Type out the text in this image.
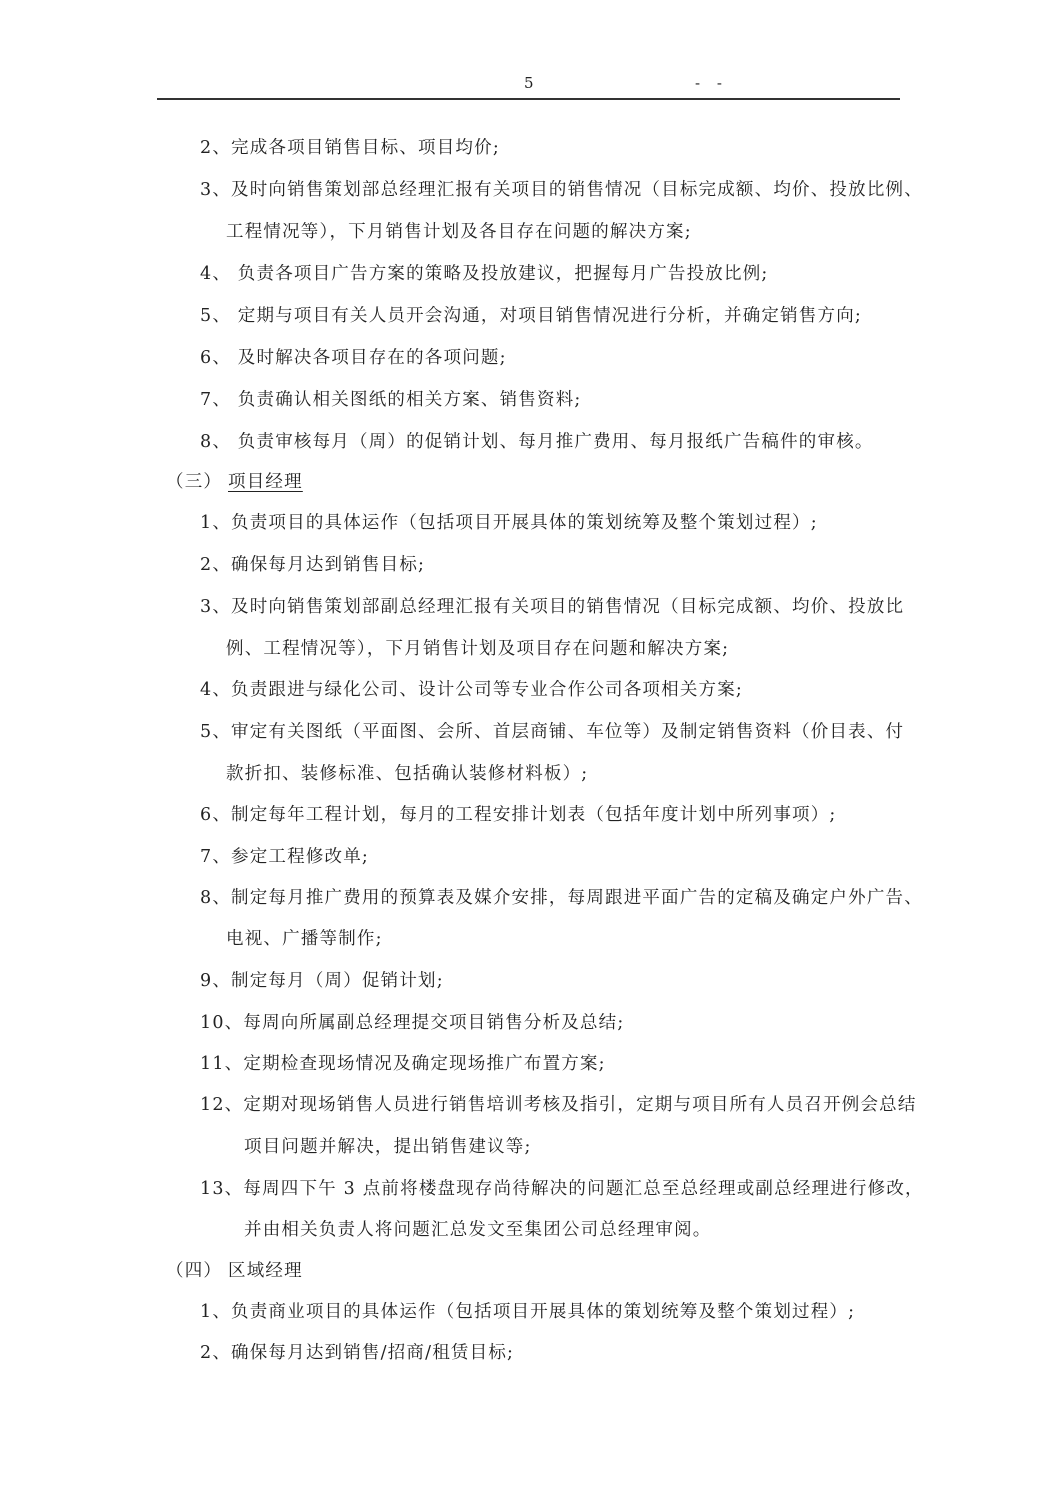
5	- -
2、完成各项目销售目标、项目均价;
3、及时向销售策划部总经理汇报有关项目的销售情况（目标完成额、均价、投放比例、
工程情况等），下月销售计划及各目存在问题的解决方案;
4、 负责各项目广告方案的策略及投放建议，把握每月广告投放比例;
5、 定期与项目有关人员开会沟通，对项目销售情况进行分析，并确定销售方向;
6、 及时解决各项目存在的各项问题;
7、 负责确认相关图纸的相关方案、销售资料;
8、 负责审核每月（周）的促销计划、每月推广费用、每月报纸广告稿件的审核。
（三） 项目经理
1、负责项目的具体运作（包括项目开展具体的策划统筹及整个策划过程）;
2、确保每月达到销售目标;
3、及时向销售策划部副总经理汇报有关项目的销售情况（目标完成额、均价、投放比
例、工程情况等），下月销售计划及项目存在问题和解决方案;
4、负责跟进与绿化公司、设计公司等专业合作公司各项相关方案;
5、审定有关图纸（平面图、会所、首层商铺、车位等）及制定销售资料（价目表、付
款折扣、装修标准、包括确认装修材料板）;
6、制定每年工程计划，每月的工程安排计划表（包括年度计划中所列事项）;
7、参定工程修改单;
8、制定每月推广费用的预算表及媒介安排，每周跟进平面广告的定稿及确定户外广告、
电视、广播等制作;
9、制定每月（周）促销计划;
10、每周向所属副总经理提交项目销售分析及总结;
11、定期检查现场情况及确定现场推广布置方案;
12、定期对现场销售人员进行销售培训考核及指引，定期与项目所有人员召开例会总结
项目问题并解决，提出销售建议等;
13、每周四下午 3 点前将楼盘现存尚待解决的问题汇总至总经理或副总经理进行修改，
并由相关负责人将问题汇总发文至集团公司总经理审阅。
（四） 区域经理
1、负责商业项目的具体运作（包括项目开展具体的策划统筹及整个策划过程）;
2、确保每月达到销售/招商/租赁目标;
